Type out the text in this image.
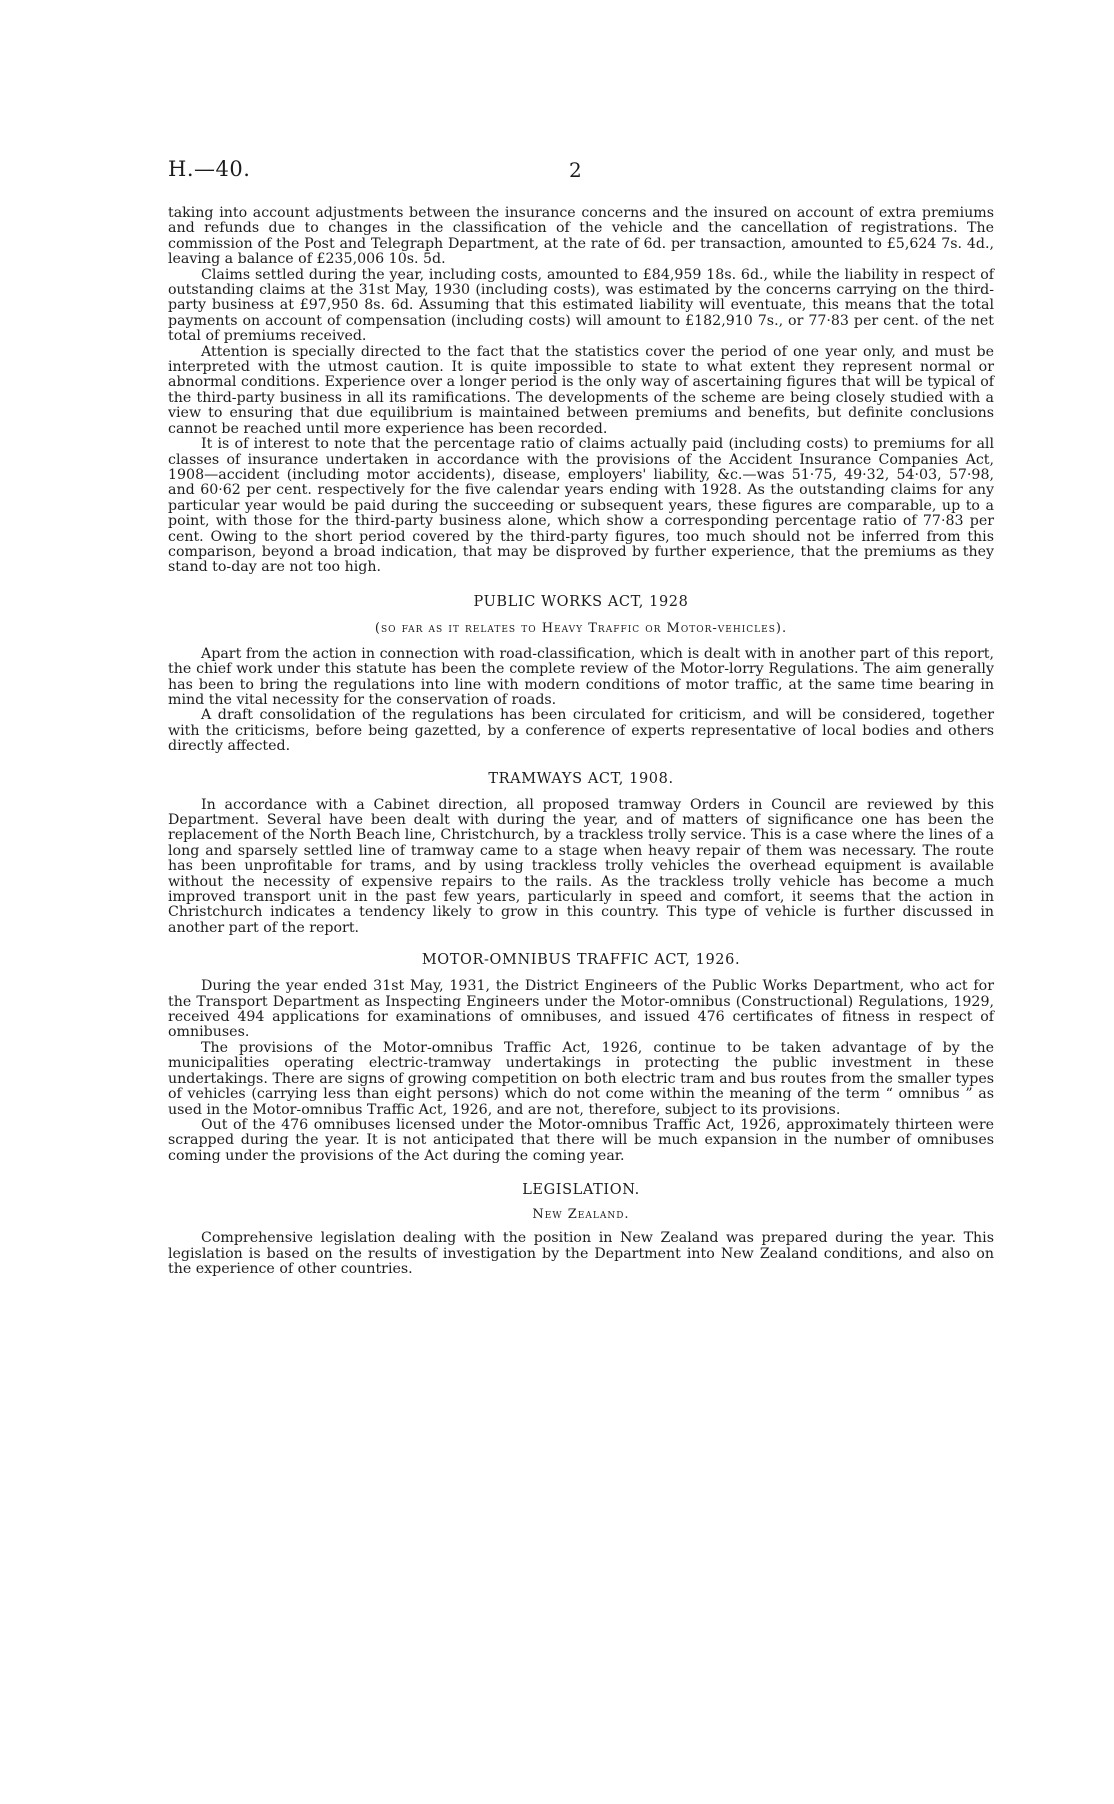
H.—40.	2

taking into account adjustments between the insurance concerns and the insured on account of extra premiums and refunds due to changes in the classification of the vehicle and the cancellation of registrations. The commission of the Post and Telegraph Department, at the rate of 6d. per transaction, amounted to £5,624 7s. 4d., leaving a balance of £235,006 10s. 5d.

Claims settled during the year, including costs, amounted to £84,959 18s. 6d., while the liability in respect of outstanding claims at the 31st May, 1930 (including costs), was estimated by the concerns carrying on the third-party business at £97,950 8s. 6d. Assuming that this estimated liability will eventuate, this means that the total payments on account of compensation (including costs) will amount to £182,910 7s., or 77·83 per cent. of the net total of premiums received.

Attention is specially directed to the fact that the statistics cover the period of one year only, and must be interpreted with the utmost caution. It is quite impossible to state to what extent they represent normal or abnormal conditions. Experience over a longer period is the only way of ascertaining figures that will be typical of the third-party business in all its ramifications. The developments of the scheme are being closely studied with a view to ensuring that due equilibrium is maintained between premiums and benefits, but definite conclusions cannot be reached until more experience has been recorded.

It is of interest to note that the percentage ratio of claims actually paid (including costs) to premiums for all classes of insurance undertaken in accordance with the provisions of the Accident Insurance Companies Act, 1908—accident (including motor accidents), disease, employers' liability, &c.—was 51·75, 49·32, 54·03, 57·98, and 60·62 per cent. respectively for the five calendar years ending with 1928. As the outstanding claims for any particular year would be paid during the succeeding or subsequent years, these figures are comparable, up to a point, with those for the third-party business alone, which show a corresponding percentage ratio of 77·83 per cent. Owing to the short period covered by the third-party figures, too much should not be inferred from this comparison, beyond a broad indication, that may be disproved by further experience, that the premiums as they stand to-day are not too high.

PUBLIC WORKS ACT, 1928
(so far as it relates to Heavy Traffic or Motor-vehicles).

Apart from the action in connection with road-classification, which is dealt with in another part of this report, the chief work under this statute has been the complete review of the Motor-lorry Regulations. The aim generally has been to bring the regulations into line with modern conditions of motor traffic, at the same time bearing in mind the vital necessity for the conservation of roads.

A draft consolidation of the regulations has been circulated for criticism, and will be considered, together with the criticisms, before being gazetted, by a conference of experts representative of local bodies and others directly affected.

TRAMWAYS ACT, 1908.

In accordance with a Cabinet direction, all proposed tramway Orders in Council are reviewed by this Department. Several have been dealt with during the year, and of matters of significance one has been the replacement of the North Beach line, Christchurch, by a trackless trolly service. This is a case where the lines of a long and sparsely settled line of tramway came to a stage when heavy repair of them was necessary. The route has been unprofitable for trams, and by using trackless trolly vehicles the overhead equipment is available without the necessity of expensive repairs to the rails. As the trackless trolly vehicle has become a much improved transport unit in the past few years, particularly in speed and comfort, it seems that the action in Christchurch indicates a tendency likely to grow in this country. This type of vehicle is further discussed in another part of the report.

MOTOR-OMNIBUS TRAFFIC ACT, 1926.

During the year ended 31st May, 1931, the District Engineers of the Public Works Department, who act for the Transport Department as Inspecting Engineers under the Motor-omnibus (Constructional) Regulations, 1929, received 494 applications for examinations of omnibuses, and issued 476 certificates of fitness in respect of omnibuses.

The provisions of the Motor-omnibus Traffic Act, 1926, continue to be taken advantage of by the municipalities operating electric-tramway undertakings in protecting the public investment in these undertakings. There are signs of growing competition on both electric tram and bus routes from the smaller types of vehicles (carrying less than eight persons) which do not come within the meaning of the term “ omnibus ” as used in the Motor-omnibus Traffic Act, 1926, and are not, therefore, subject to its provisions.

Out of the 476 omnibuses licensed under the Motor-omnibus Traffic Act, 1926, approximately thirteen were scrapped during the year. It is not anticipated that there will be much expansion in the number of omnibuses coming under the provisions of the Act during the coming year.

LEGISLATION.
New Zealand.

Comprehensive legislation dealing with the position in New Zealand was prepared during the year. This legislation is based on the results of investigation by the Department into New Zealand conditions, and also on the experience of other countries.
